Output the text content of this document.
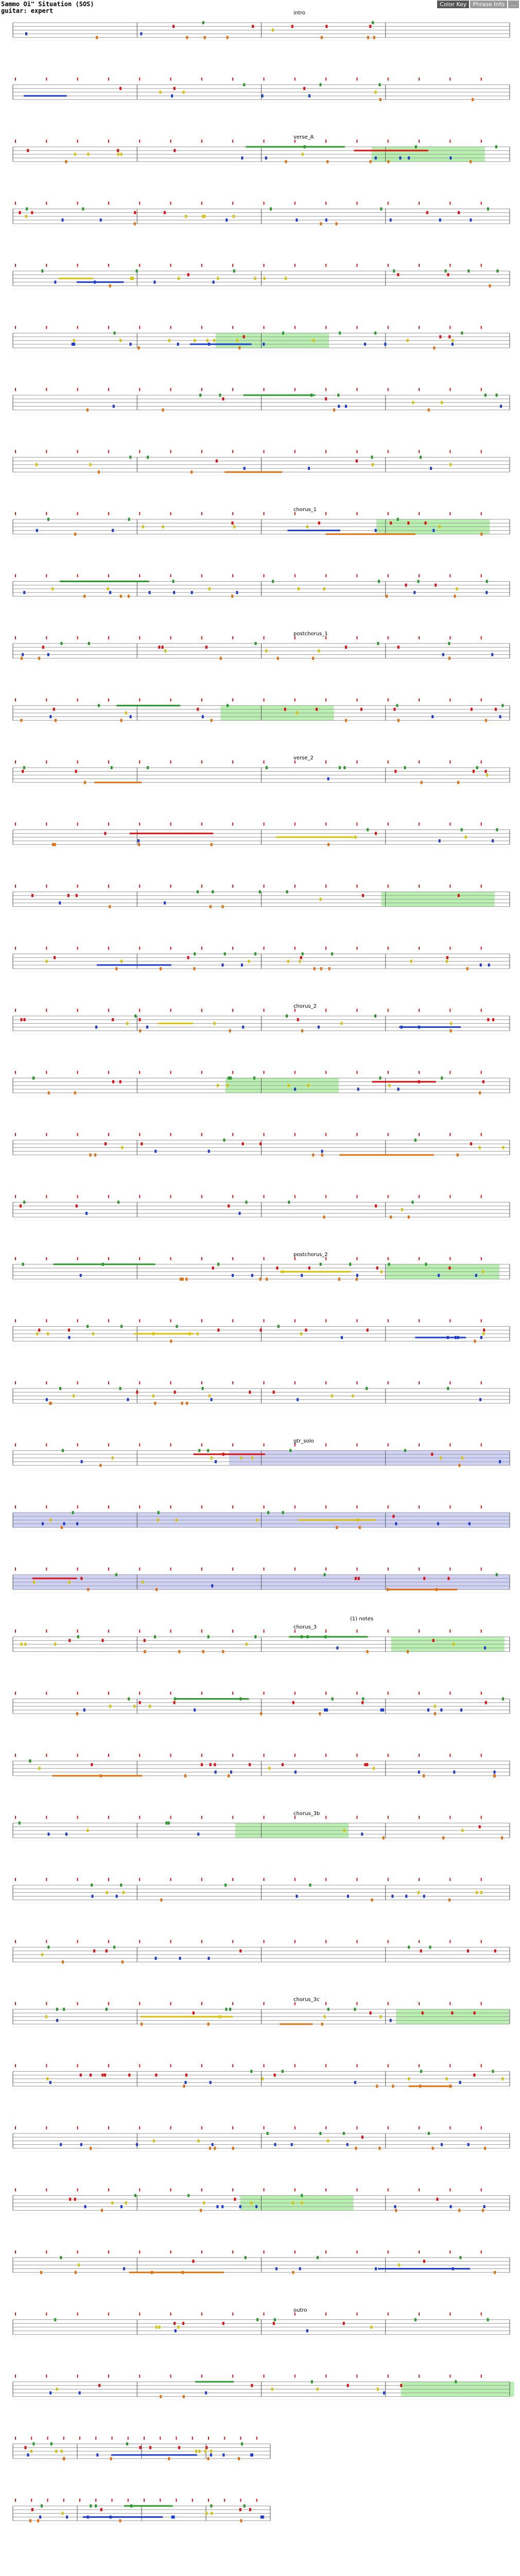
Sammo Oi" Situation (SOS)
guitar: expert
Color Key	Phrase Info	…
intro
verse_A
chorus_1
postchorus_1
verse_2
chorus_2
postchorus_2
gtr_solo
chorus_3
chorus_3b
chorus_3c
outro
(1) notes
